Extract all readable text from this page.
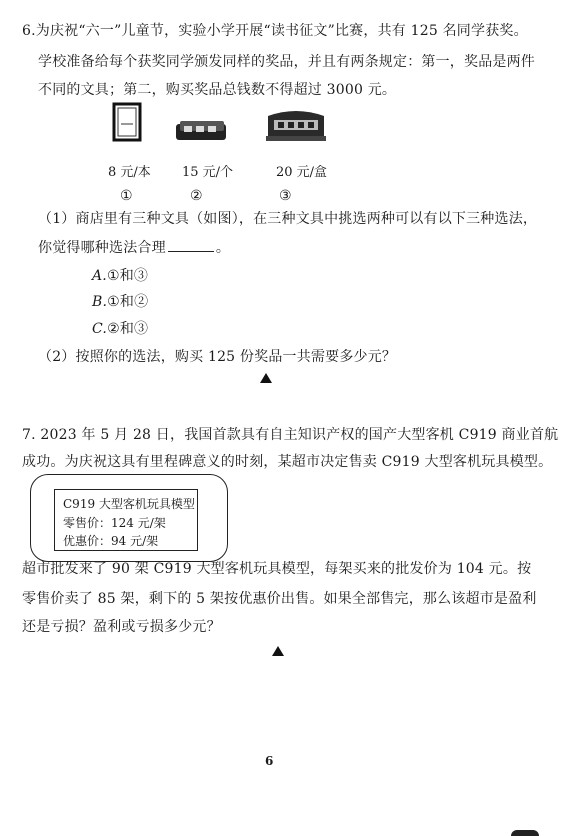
6.为庆祝“六一”儿童节，实验小学开展“读书征文”比赛，共有 125 名同学获奖。
学校准备给每个获奖同学颁发同样的奖品，并且有两条规定：第一，奖品是两件
不同的文具；第二，购买奖品总钱数不得超过 3000 元。
8 元/本 15 元/个	20 元/盒
①	②	③
（1）商店里有三种文具（如图），在三种文具中挑选两种可以有以下三种选法，
你觉得哪种选法合理	。
A.①和③
B.①和②
C.②和③
（2）按照你的选法，购买 125 份奖品一共需要多少元？
7. 2023 年 5 月 28 日，我国首款具有自主知识产权的国产大型客机 C919 商业首航
成功。为庆祝这具有里程碑意义的时刻，某超市决定售卖 C919 大型客机玩具模型。
C919 大型客机玩具模型
零售价：124 元/架
优惠价：94 元/架
超市批发来了 90 架 C919 大型客机玩具模型，每架买来的批发价为 104 元。按
零售价卖了 85 架，剩下的 5 架按优惠价出售。如果全部售完，那么该超市是盈利
还是亏损？盈利或亏损多少元？
6
